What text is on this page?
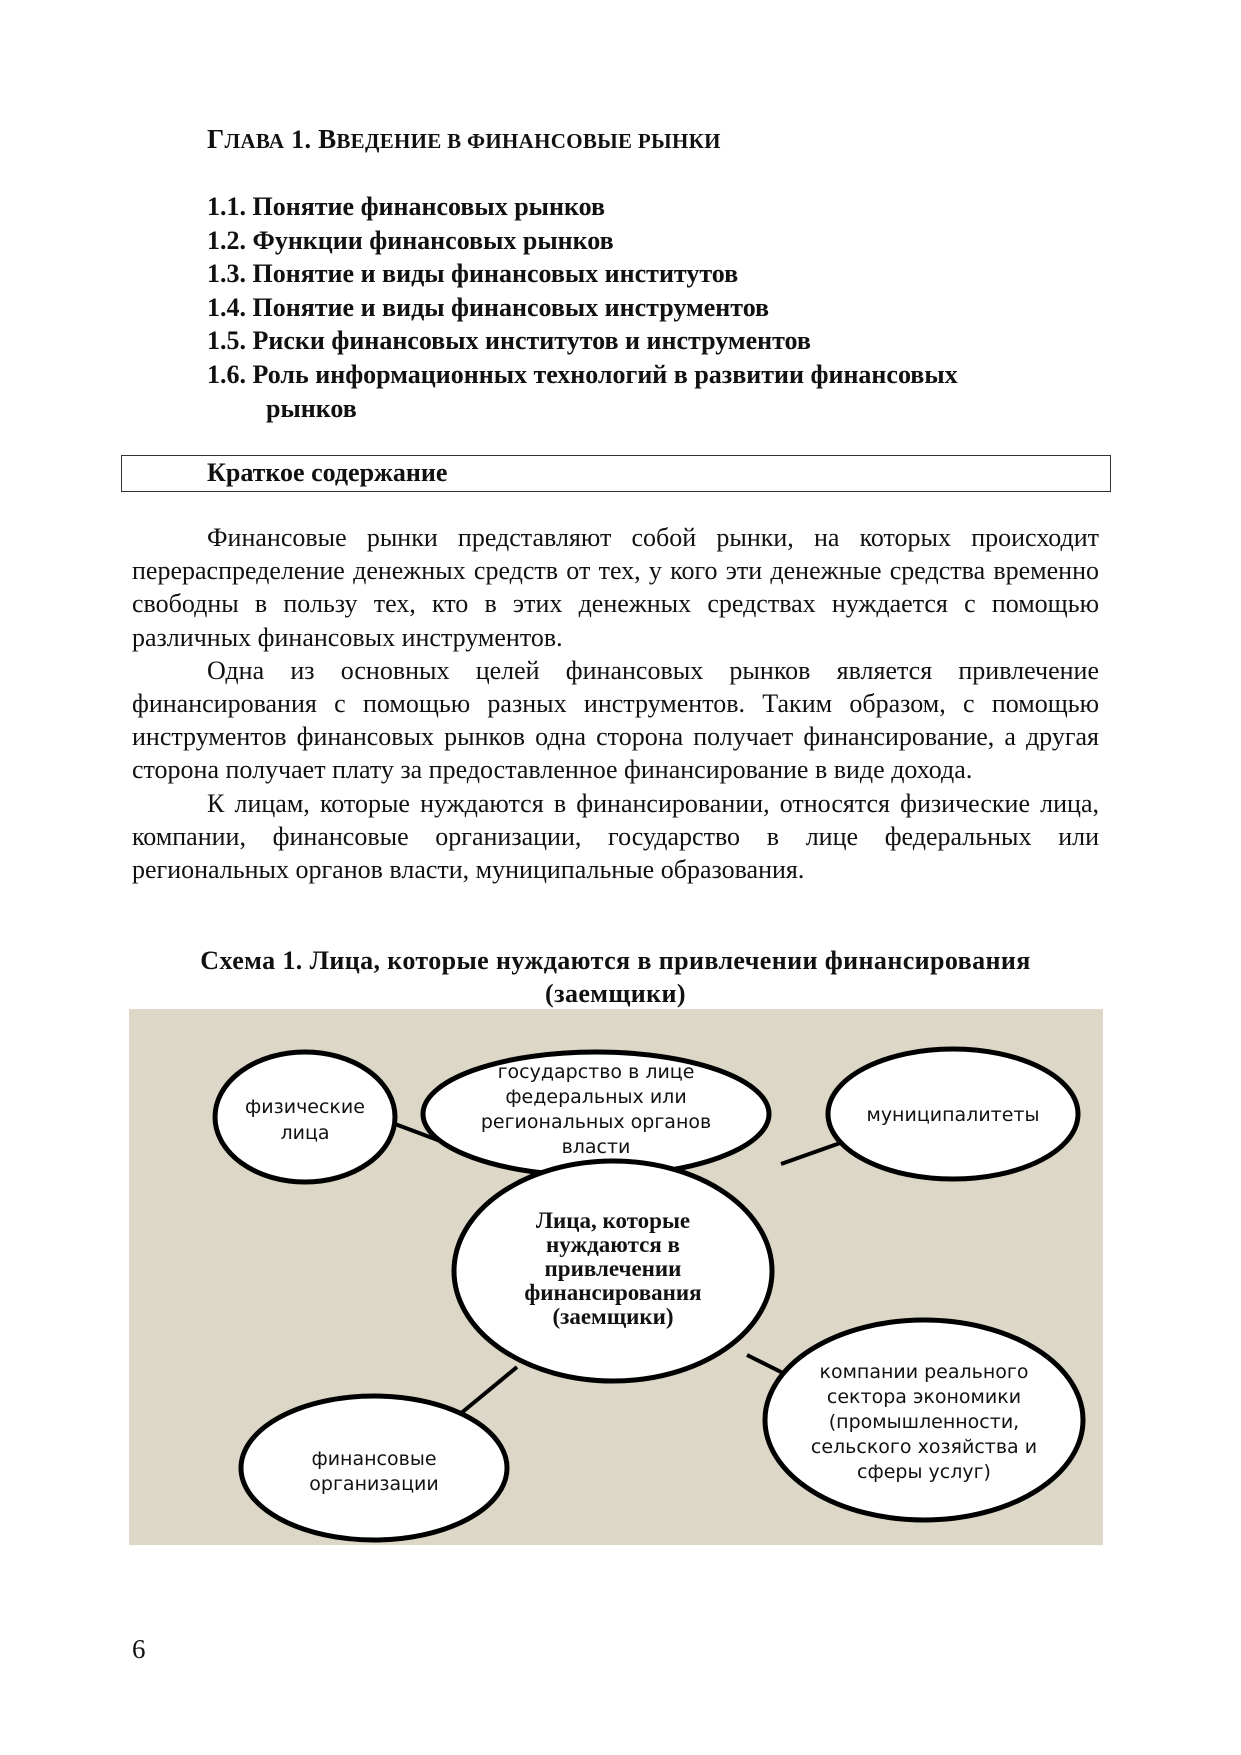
ГЛАВА 1. ВВЕДЕНИЕ В ФИНАНСОВЫЕ РЫНКИ
1.1. Понятие финансовых рынков
1.2. Функции финансовых рынков
1.3. Понятие и виды финансовых институтов
1.4. Понятие и виды финансовых инструментов
1.5. Риски финансовых институтов и инструментов
1.6. Роль информационных технологий в развитии финансовых
рынков
Краткое содержание

Финансовые рынки представляют собой рынки, на которых происходит перераспределение денежных средств от тех, у кого эти денежные средства временно свободны в пользу тех, кто в этих денежных средствах нуждается с помощью различных финансовых инструментов.

Одна из основных целей финансовых рынков является привлечение финансирования с помощью разных инструментов. Таким образом, с помощью инструментов финансовых рынков одна сторона получает финансирование, а другая сторона получает плату за предоставленное финансирование в виде дохода.

К лицам, которые нуждаются в финансировании, относятся физические лица, компании, финансовые организации, государство в лице федеральных или региональных органов власти, муниципальные образования.

Схема 1. Лица, которые нуждаются в привлечении финансирования
(заемщики)
государство в лице
федеральных или
региональных органов
власти
физические
лица
муниципалитеты
финансовые
организации
компании реального
сектора экономики
(промышленности,
сельского хозяйства и
сферы услуг)
Лица, которые
нуждаются в
привлечении
финансирования
(заемщики)
6
